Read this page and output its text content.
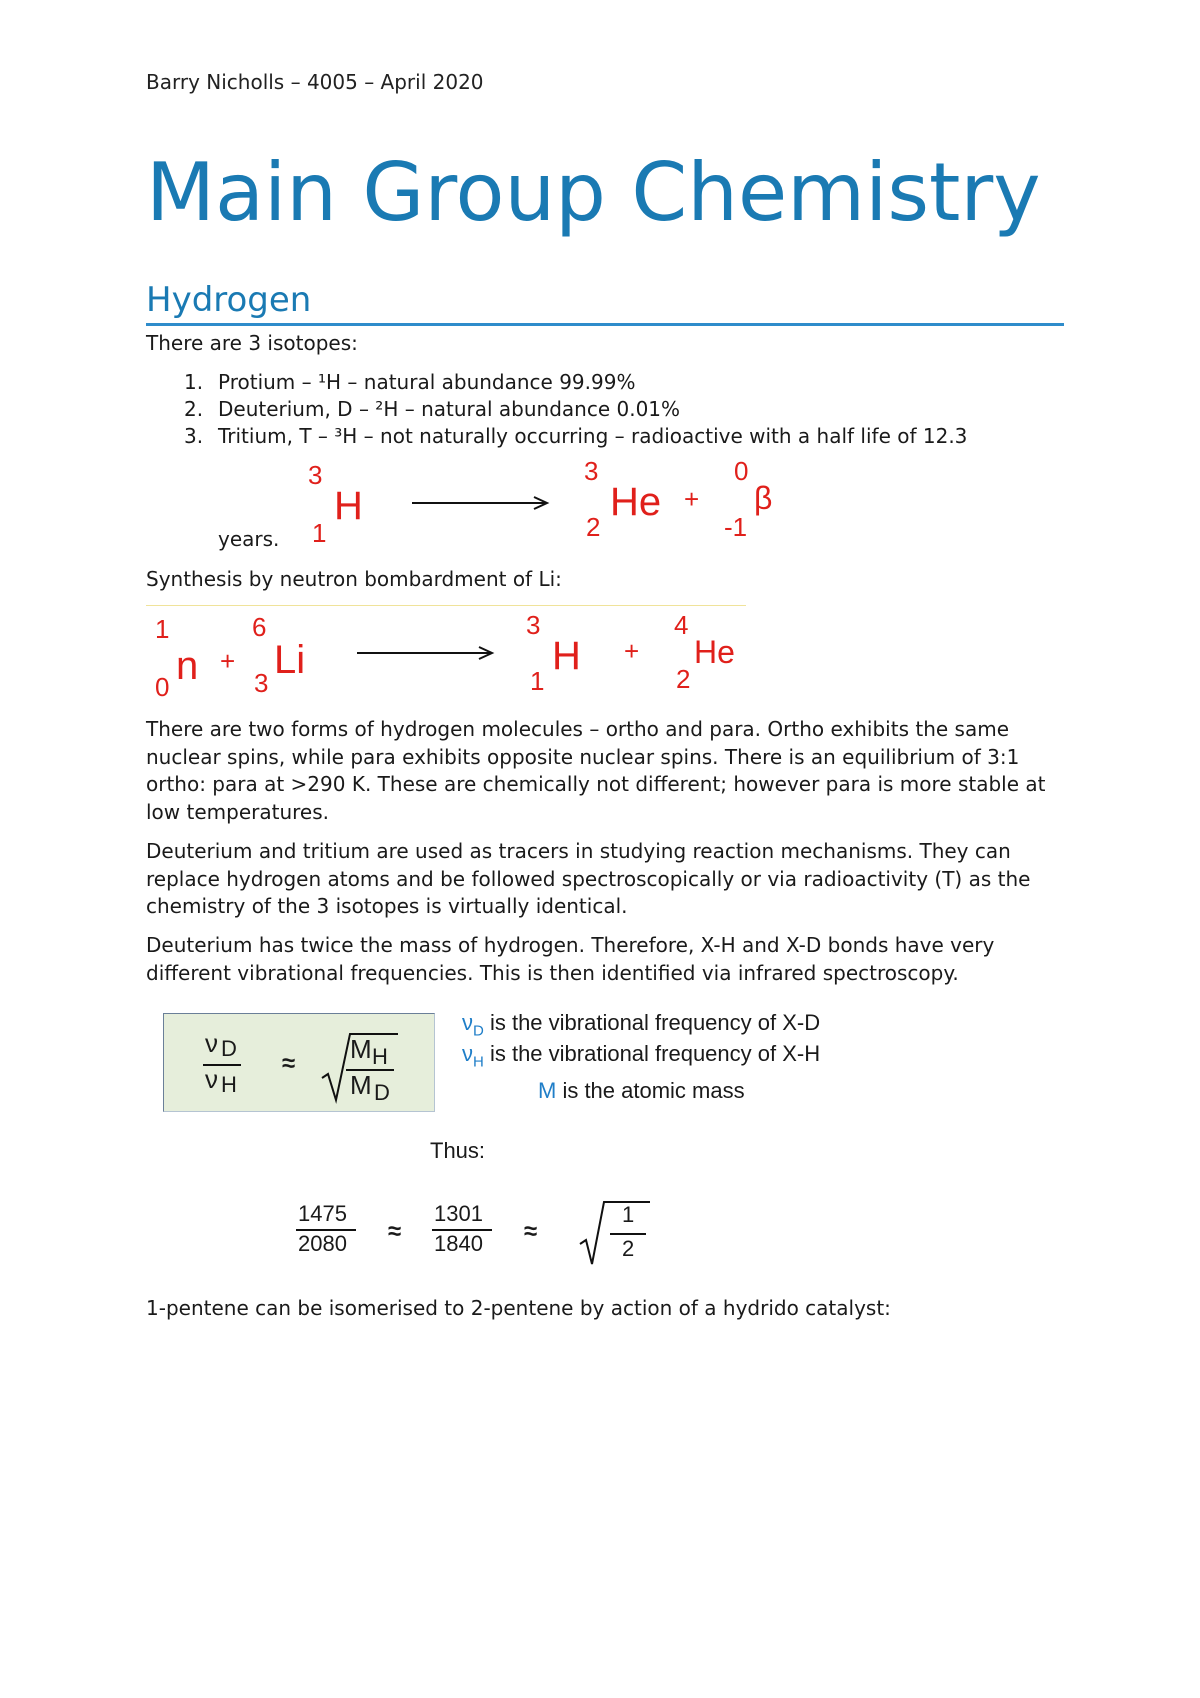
Barry Nicholls – 4005 – April 2020
Main Group Chemistry
Hydrogen
There are 3 isotopes:
1. Protium – ¹H – natural abundance 99.99%
2. Deuterium, D – ²H – natural abundance 0.01%
3. Tritium, T – ³H – not naturally occurring – radioactive with a half life of 12.3
years.
3
1
H
3
2
He +
0
-1
β
Synthesis by neutron bombardment of Li:
1
0 n +
6
3
Li
3
1
H +
4
2
He
There are two forms of hydrogen molecules – ortho and para. Ortho exhibits the same nuclear spins, while para exhibits opposite nuclear spins. There is an equilibrium of 3:1 ortho: para at >290 K. These are chemically not different; however para is more stable at low temperatures.
Deuterium and tritium are used as tracers in studying reaction mechanisms. They can replace hydrogen atoms and be followed spectroscopically or via radioactivity (T) as the chemistry of the 3 isotopes is virtually identical.
Deuterium has twice the mass of hydrogen. Therefore, X-H and X-D bonds have very different vibrational frequencies. This is then identified via infrared spectroscopy.
ν D
ν H
≈ M H
M D
$\nu_D$ is the vibrational frequency of X-D
$\nu_H$ is the vibrational frequency of X-H
M is the atomic mass
Thus:
1475
2080 ≈
1301
1840 ≈
1
2
1-pentene can be isomerised to 2-pentene by action of a hydrido catalyst:
